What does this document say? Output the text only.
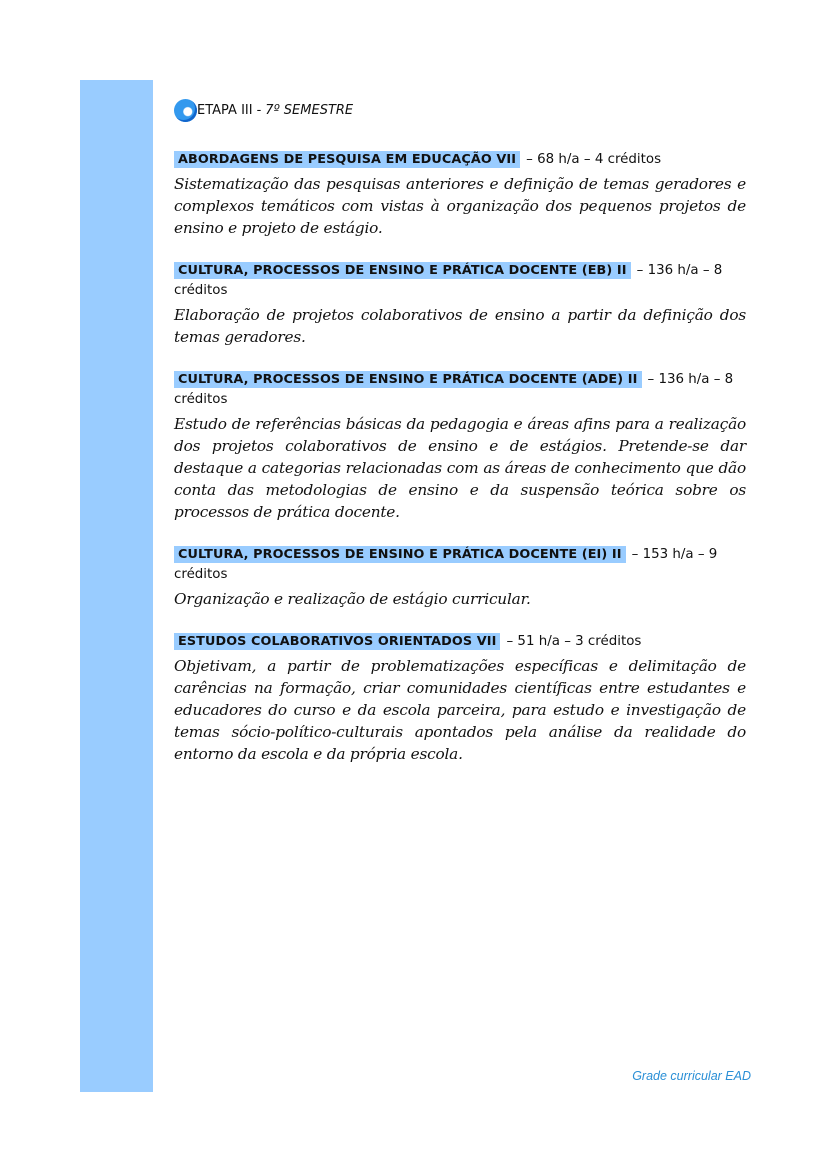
ETAPA III - 7º SEMESTRE
ABORDAGENS DE PESQUISA EM EDUCAÇÃO VII – 68 h/a – 4 créditos

Sistematização das pesquisas anteriores e definição de temas geradores e complexos temáticos com vistas à organização dos pequenos projetos de ensino e projeto de estágio.

CULTURA, PROCESSOS DE ENSINO E PRÁTICA DOCENTE (EB) II – 136 h/a – 8 créditos

Elaboração de projetos colaborativos de ensino a partir da definição dos temas geradores.

CULTURA, PROCESSOS DE ENSINO E PRÁTICA DOCENTE (ADE) II – 136 h/a – 8 créditos

Estudo de referências básicas da pedagogia e áreas afins para a realização dos projetos colaborativos de ensino e de estágios. Pretende-se dar destaque a categorias relacionadas com as áreas de conhecimento que dão conta das metodologias de ensino e da suspensão teórica sobre os processos de prática docente.

CULTURA, PROCESSOS DE ENSINO E PRÁTICA DOCENTE (EI) II – 153 h/a – 9 créditos

Organização e realização de estágio curricular.

ESTUDOS COLABORATIVOS ORIENTADOS VII – 51 h/a – 3 créditos

Objetivam, a partir de problematizações específicas e delimitação de carências na formação, criar comunidades científicas entre estudantes e educadores do curso e da escola parceira, para estudo e investigação de temas sócio-político-culturais apontados pela análise da realidade do entorno da escola e da própria escola.

Grade curricular EAD
